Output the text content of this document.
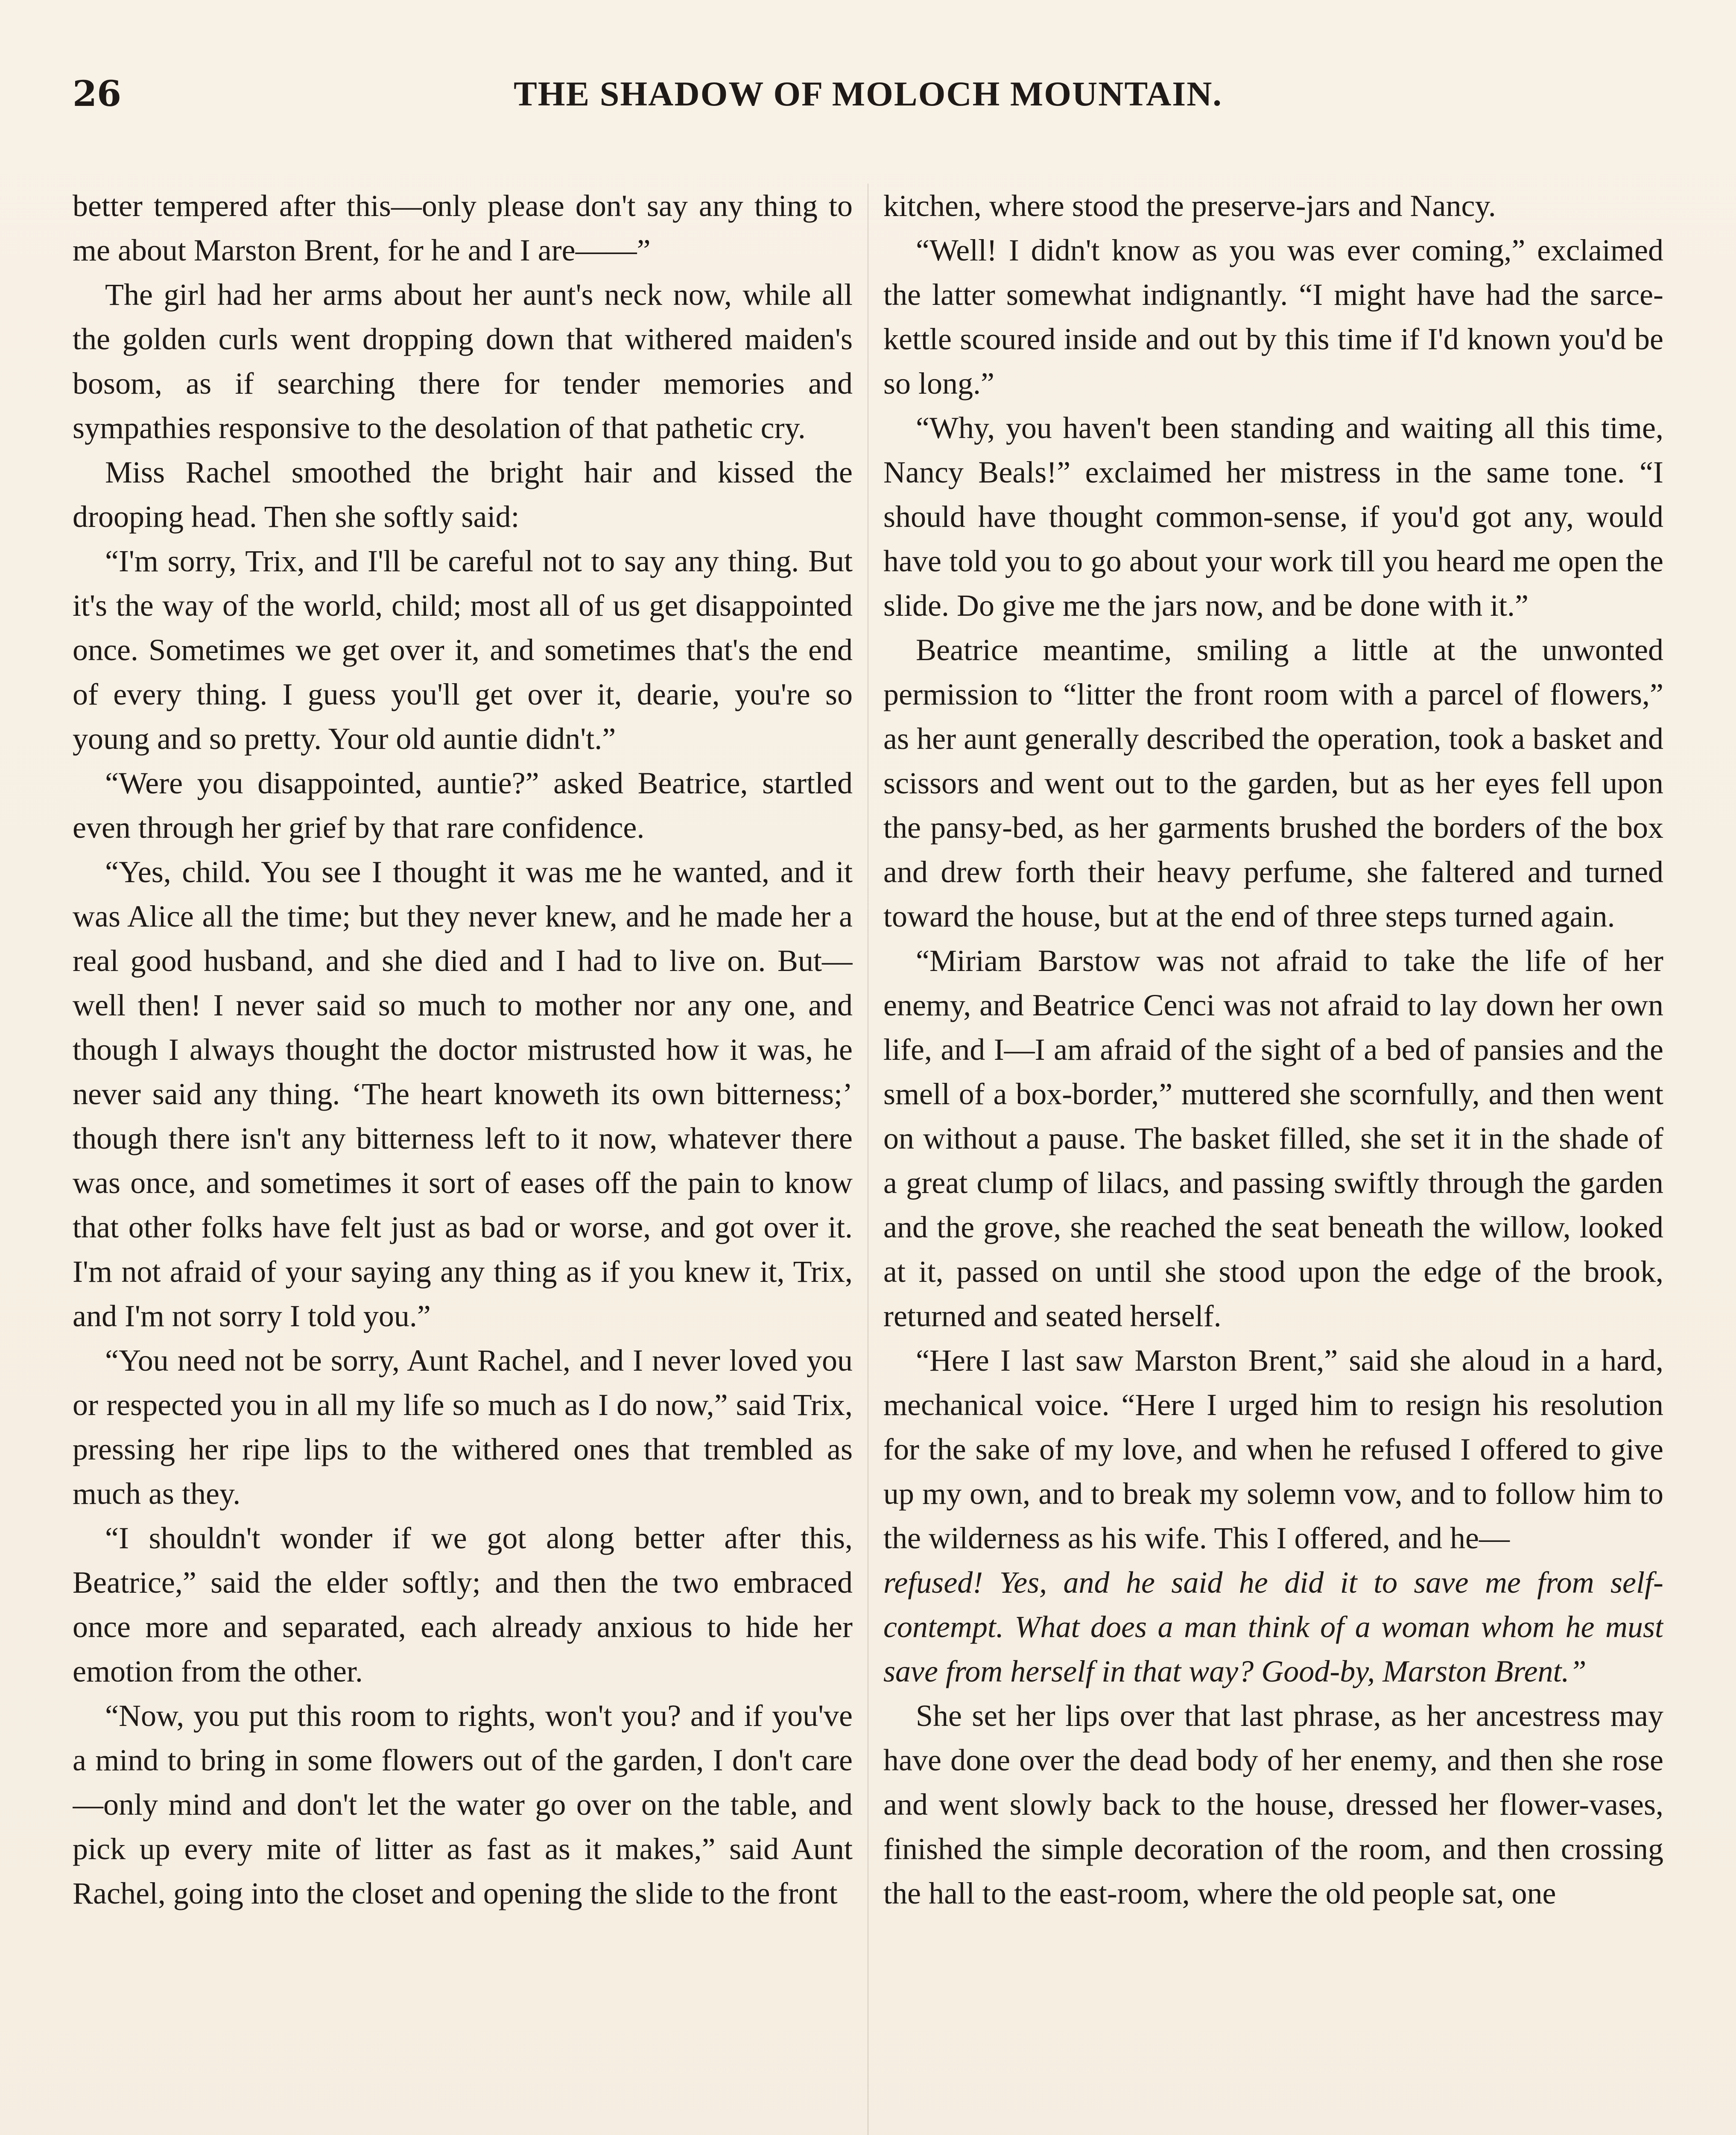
26	THE SHADOW OF MOLOCH MOUNTAIN.

better tempered after this—only please don't say any thing to me about Marston Brent, for he and I are——”

The girl had her arms about her aunt's neck now, while all the golden curls went dropping down that withered maiden's bosom, as if searching there for tender memories and sympathies responsive to the desolation of that pathetic cry.

Miss Rachel smoothed the bright hair and kissed the drooping head. Then she softly said:

“I'm sorry, Trix, and I'll be careful not to say any thing. But it's the way of the world, child; most all of us get disappointed once. Sometimes we get over it, and sometimes that's the end of every thing. I guess you'll get over it, dearie, you're so young and so pretty. Your old auntie didn't.”

“Were you disappointed, auntie?” asked Beatrice, startled even through her grief by that rare confidence.

“Yes, child. You see I thought it was me he wanted, and it was Alice all the time; but they never knew, and he made her a real good husband, and she died and I had to live on. But—well then! I never said so much to mother nor any one, and though I always thought the doctor mistrusted how it was, he never said any thing. ‘The heart knoweth its own bitterness;’ though there isn't any bitterness left to it now, whatever there was once, and sometimes it sort of eases off the pain to know that other folks have felt just as bad or worse, and got over it. I'm not afraid of your saying any thing as if you knew it, Trix, and I'm not sorry I told you.”

“You need not be sorry, Aunt Rachel, and I never loved you or respected you in all my life so much as I do now,” said Trix, pressing her ripe lips to the withered ones that trembled as much as they.

“I shouldn't wonder if we got along better after this, Beatrice,” said the elder softly; and then the two embraced once more and separated, each already anxious to hide her emotion from the other.

“Now, you put this room to rights, won't you? and if you've a mind to bring in some flowers out of the garden, I don't care—only mind and don't let the water go over on the table, and pick up every mite of litter as fast as it makes,” said Aunt Rachel, going into the closet and opening the slide to the front

kitchen, where stood the preserve-jars and Nancy.

“Well! I didn't know as you was ever coming,” exclaimed the latter somewhat indignantly. “I might have had the sarce-kettle scoured inside and out by this time if I'd known you'd be so long.”

“Why, you haven't been standing and waiting all this time, Nancy Beals!” exclaimed her mistress in the same tone. “I should have thought common-sense, if you'd got any, would have told you to go about your work till you heard me open the slide. Do give me the jars now, and be done with it.”

Beatrice meantime, smiling a little at the unwonted permission to “litter the front room with a parcel of flowers,” as her aunt generally described the operation, took a basket and scissors and went out to the garden, but as her eyes fell upon the pansy-bed, as her garments brushed the borders of the box and drew forth their heavy perfume, she faltered and turned toward the house, but at the end of three steps turned again.

“Miriam Barstow was not afraid to take the life of her enemy, and Beatrice Cenci was not afraid to lay down her own life, and I—I am afraid of the sight of a bed of pansies and the smell of a box-border,” muttered she scornfully, and then went on without a pause. The basket filled, she set it in the shade of a great clump of lilacs, and passing swiftly through the garden and the grove, she reached the seat beneath the willow, looked at it, passed on until she stood upon the edge of the brook, returned and seated herself.

“Here I last saw Marston Brent,” said she aloud in a hard, mechanical voice. “Here I urged him to resign his resolution for the sake of my love, and when he refused I offered to give up my own, and to break my solemn vow, and to follow him to the wilderness as his wife. This I offered, and he—

refused! Yes, and he said he did it to save me from self-contempt. What does a man think of a woman whom he must save from herself in that way? Good-by, Marston Brent.”

She set her lips over that last phrase, as her ancestress may have done over the dead body of her enemy, and then she rose and went slowly back to the house, dressed her flower-vases, finished the simple decoration of the room, and then crossing the hall to the east-room, where the old people sat, one
